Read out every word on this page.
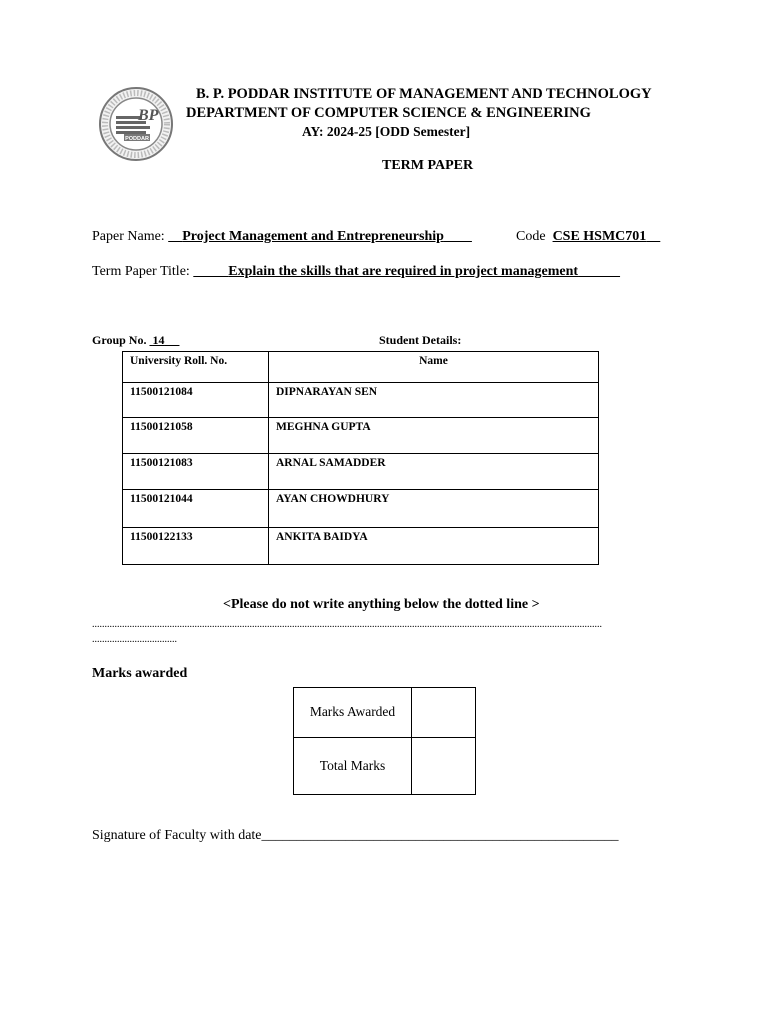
BP
PODDAR
B. P. PODDAR INSTITUTE OF MANAGEMENT AND TECHNOLOGY
DEPARTMENT OF COMPUTER SCIENCE & ENGINEERING
AY: 2024-25 [ODD Semester]
TERM PAPER
Paper Name: Project Management and Entrepreneurship	Code CSE HSMC701
Term Paper Title:	Explain the skills that are required in project management
Group No. 14	Student Details:
University Roll. No.	Name
11500121084	DIPNARAYAN SEN
11500121058	MEGHNA GUPTA
11500121083	ARNAL SAMADDER
11500121044	AYAN CHOWDHURY
11500122133	ANKITA BAIDYA
<Please do not write anything below the dotted line >
............................................................................................................................................................................................................
..................................
Marks awarded
Marks Awarded	
Total Marks	
Signature of Faculty with date___________________________________________________
